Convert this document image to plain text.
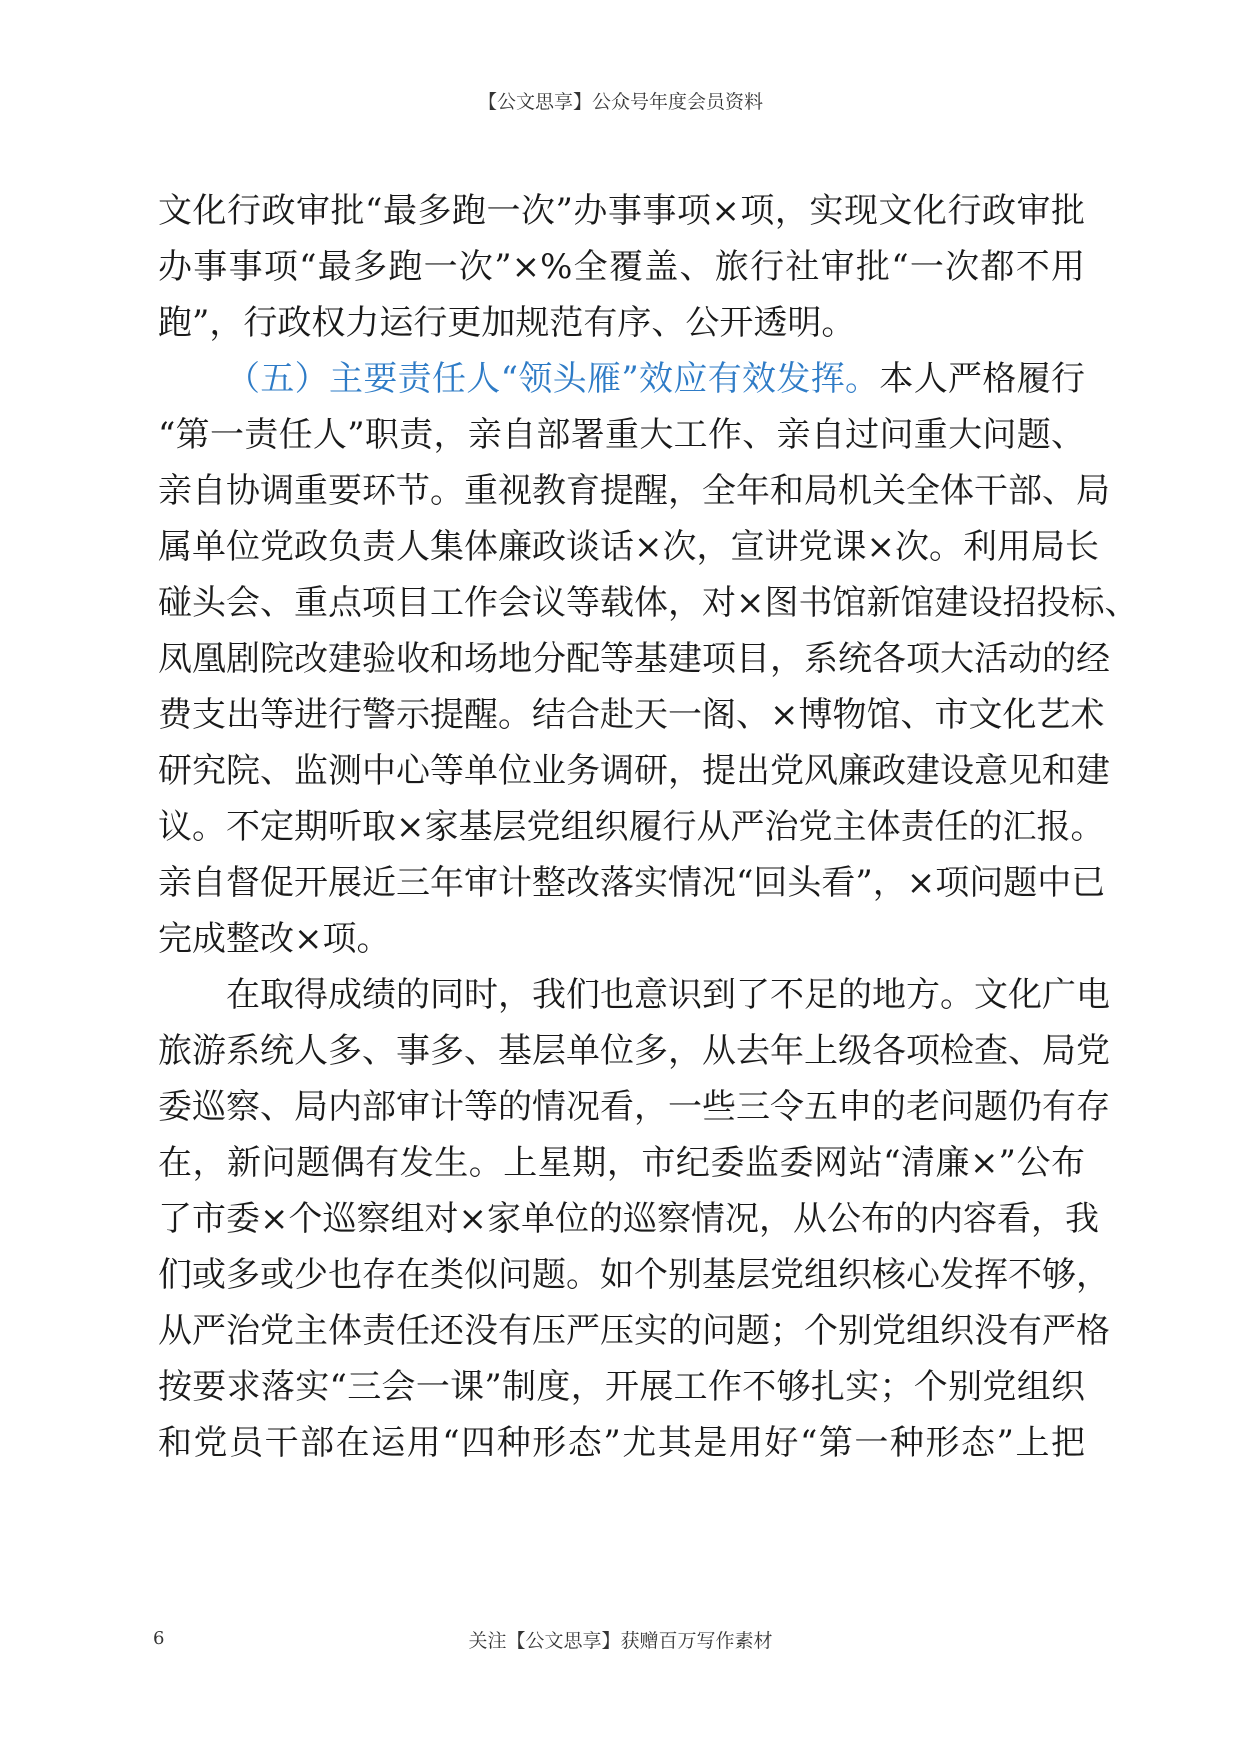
【公文思享】公众号年度会员资料
文化行政审批“最多跑一次”办事事项×项，实现文化行政审批
办事事项“最多跑一次”×%全覆盖、旅行社审批“一次都不用
跑”，行政权力运行更加规范有序、公开透明。
（五）主要责任人“领头雁”效应有效发挥。本人严格履行
“第一责任人”职责，亲自部署重大工作、亲自过问重大问题、
亲自协调重要环节。重视教育提醒，全年和局机关全体干部、局
属单位党政负责人集体廉政谈话×次，宣讲党课×次。利用局长
碰头会、重点项目工作会议等载体，对×图书馆新馆建设招投标、
凤凰剧院改建验收和场地分配等基建项目，系统各项大活动的经
费支出等进行警示提醒。结合赴天一阁、×博物馆、市文化艺术
研究院、监测中心等单位业务调研，提出党风廉政建设意见和建
议。不定期听取×家基层党组织履行从严治党主体责任的汇报。
亲自督促开展近三年审计整改落实情况“回头看”，×项问题中已
完成整改×项。
在取得成绩的同时，我们也意识到了不足的地方。文化广电
旅游系统人多、事多、基层单位多，从去年上级各项检查、局党
委巡察、局内部审计等的情况看，一些三令五申的老问题仍有存
在，新问题偶有发生。上星期，市纪委监委网站“清廉×”公布
了市委×个巡察组对×家单位的巡察情况，从公布的内容看，我
们或多或少也存在类似问题。如个别基层党组织核心发挥不够，
从严治党主体责任还没有压严压实的问题；个别党组织没有严格
按要求落实“三会一课”制度，开展工作不够扎实；个别党组织
和党员干部在运用“四种形态”尤其是用好“第一种形态”上把
6	关注【公文思享】获赠百万写作素材
